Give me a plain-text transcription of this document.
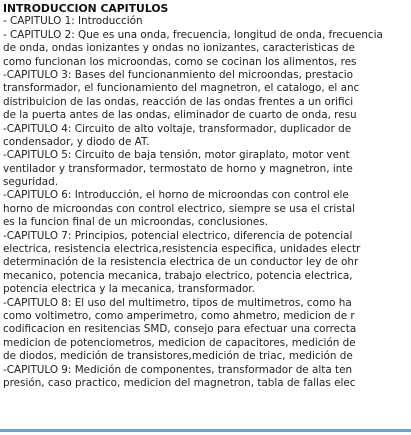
INTRODUCCION CAPITULOS
- CAPITULO 1: Introducción
- CAPITULO 2: Que es una onda, frecuencia, longitud de onda, frecuencia
de onda, ondas ionizantes y ondas no ionizantes, caracteristicas de
como funcionan los microondas, como se cocinan los alimentos, res
-CAPITULO 3: Bases del funcionanmiento del microondas, prestacio
transformador, el funcionamiento del magnetron, el catalogo, el anc
distribuicion de las ondas, reacción de las ondas frentes a un orifici
de la puerta antes de las ondas, eliminador de cuarto de onda, resu
-CAPITULO 4: Circuito de alto voltaje, transformador, duplicador de
condensador, y diodo de AT.
-CAPITULO 5: Circuito de baja tensión, motor giraplato, motor vent
ventilador y transformador, termostato de horno y magnetron, inte
seguridad.
-CAPITULO 6: Introducción, el horno de microondas con control ele
horno de microondas con control electrico, siempre se usa el cristal
es la funcion final de un microondas, conclusiones.
-CAPITULO 7: Principios, potencial electrico, diferencia de potencial
electrica, resistencia electrica,resistencia especifica, unidades electr
determinación de la resistencia electrica de un conductor ley de ohr
mecanico, potencia mecanica, trabajo electrico, potencia electrica,
potencia electrica y la mecanica, transformador.
-CAPITULO 8: El uso del multimetro, tipos de multimetros, como ha
como voltimetro, como amperimetro, como ahmetro, medicion de r
codificacion en resitencias SMD, consejo para efectuar una correcta
medicion de potenciometros, medicion de capacitores, medición de
de diodos, medición de transistores,medición de triac, medición de
-CAPITULO 9: Medición de componentes, transformador de alta ten
presión, caso practico, medicion del magnetron, tabla de fallas elec
